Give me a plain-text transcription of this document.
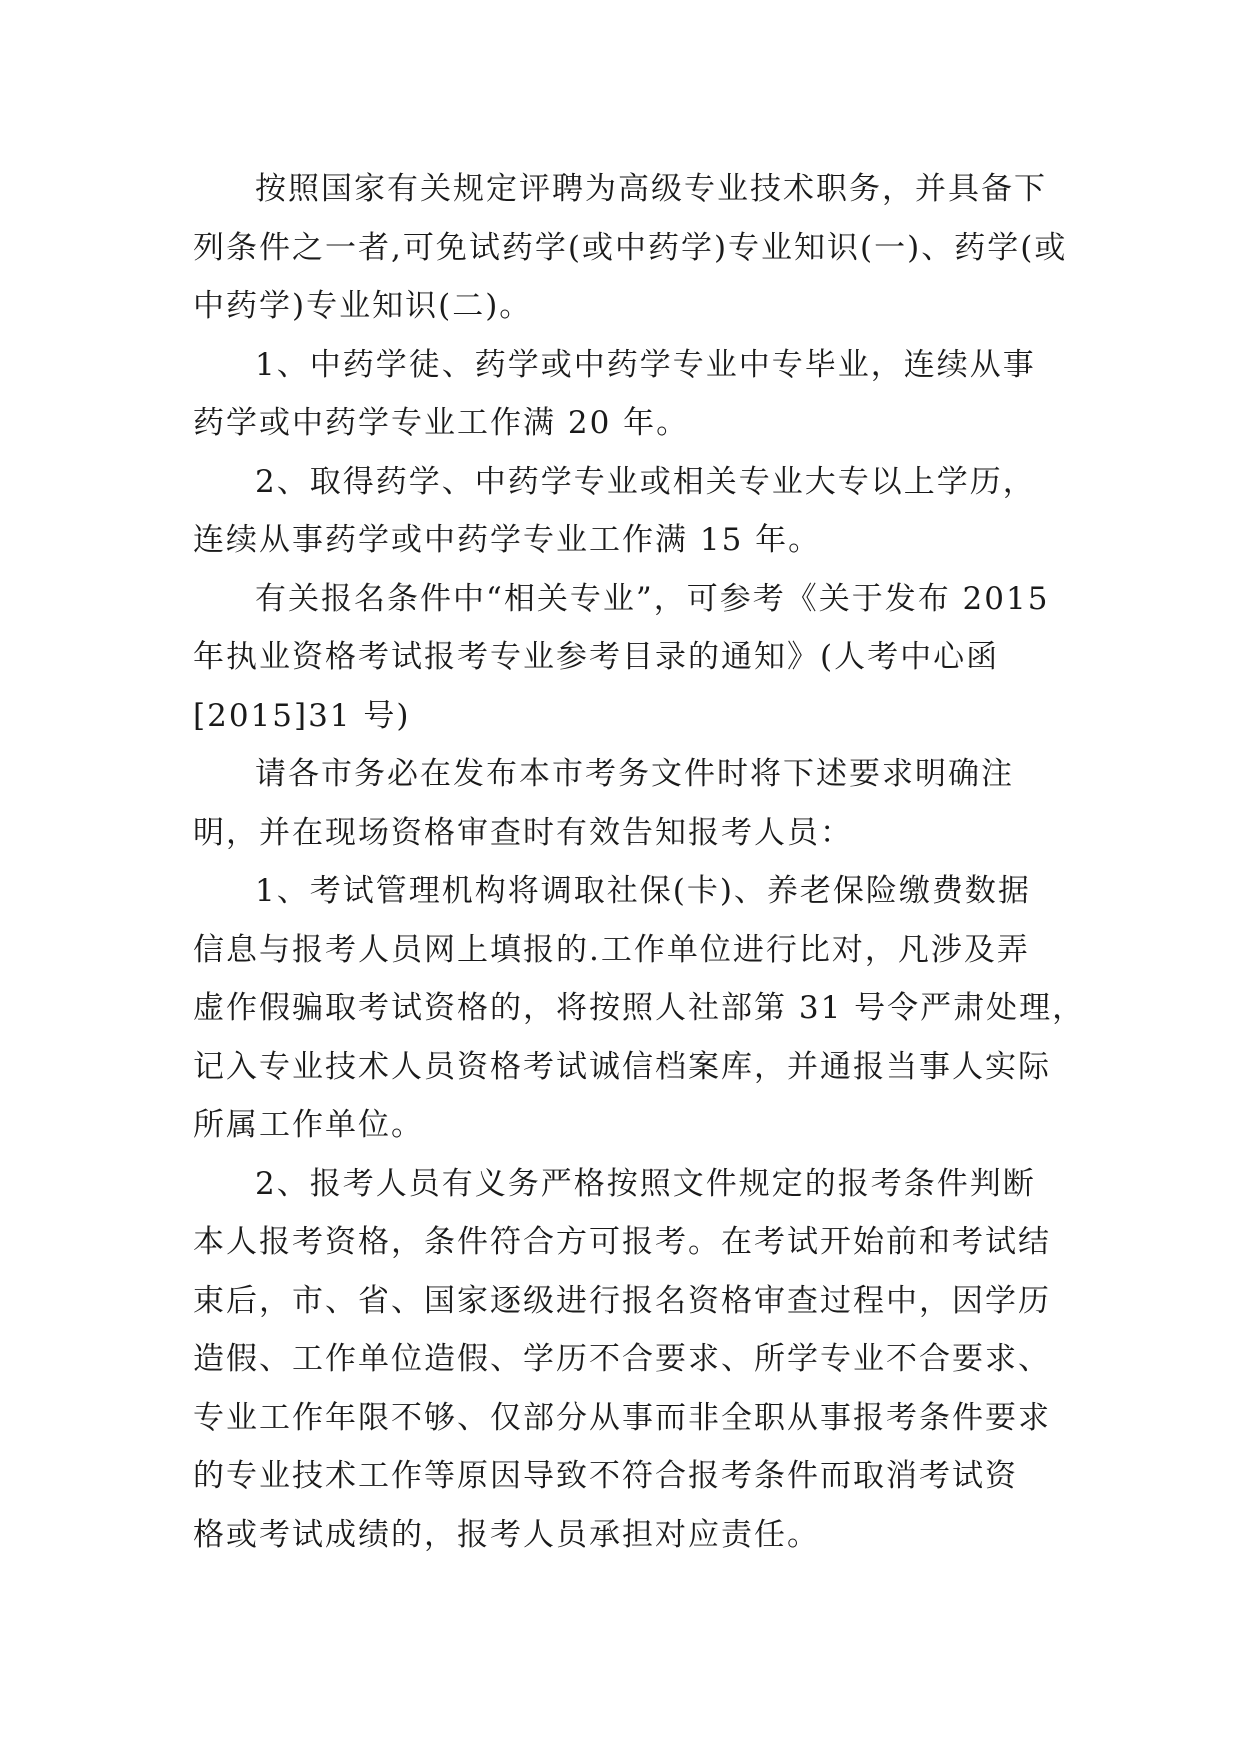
按照国家有关规定评聘为高级专业技术职务，并具备下
列条件之一者,可免试药学(或中药学)专业知识(一)、药学(或
中药学)专业知识(二)。

1、中药学徒、药学或中药学专业中专毕业，连续从事
药学或中药学专业工作满 20 年。

2、取得药学、中药学专业或相关专业大专以上学历，
连续从事药学或中药学专业工作满 15 年。

有关报名条件中“相关专业”，可参考《关于发布 2015
年执业资格考试报考专业参考目录的通知》(人考中心函
[2015]31 号)

请各市务必在发布本市考务文件时将下述要求明确注
明，并在现场资格审查时有效告知报考人员：

1、考试管理机构将调取社保(卡)、养老保险缴费数据
信息与报考人员网上填报的.工作单位进行比对，凡涉及弄
虚作假骗取考试资格的，将按照人社部第 31 号令严肃处理，
记入专业技术人员资格考试诚信档案库，并通报当事人实际
所属工作单位。

2、报考人员有义务严格按照文件规定的报考条件判断
本人报考资格，条件符合方可报考。在考试开始前和考试结
束后，市、省、国家逐级进行报名资格审查过程中，因学历
造假、工作单位造假、学历不合要求、所学专业不合要求、
专业工作年限不够、仅部分从事而非全职从事报考条件要求
的专业技术工作等原因导致不符合报考条件而取消考试资
格或考试成绩的，报考人员承担对应责任。
